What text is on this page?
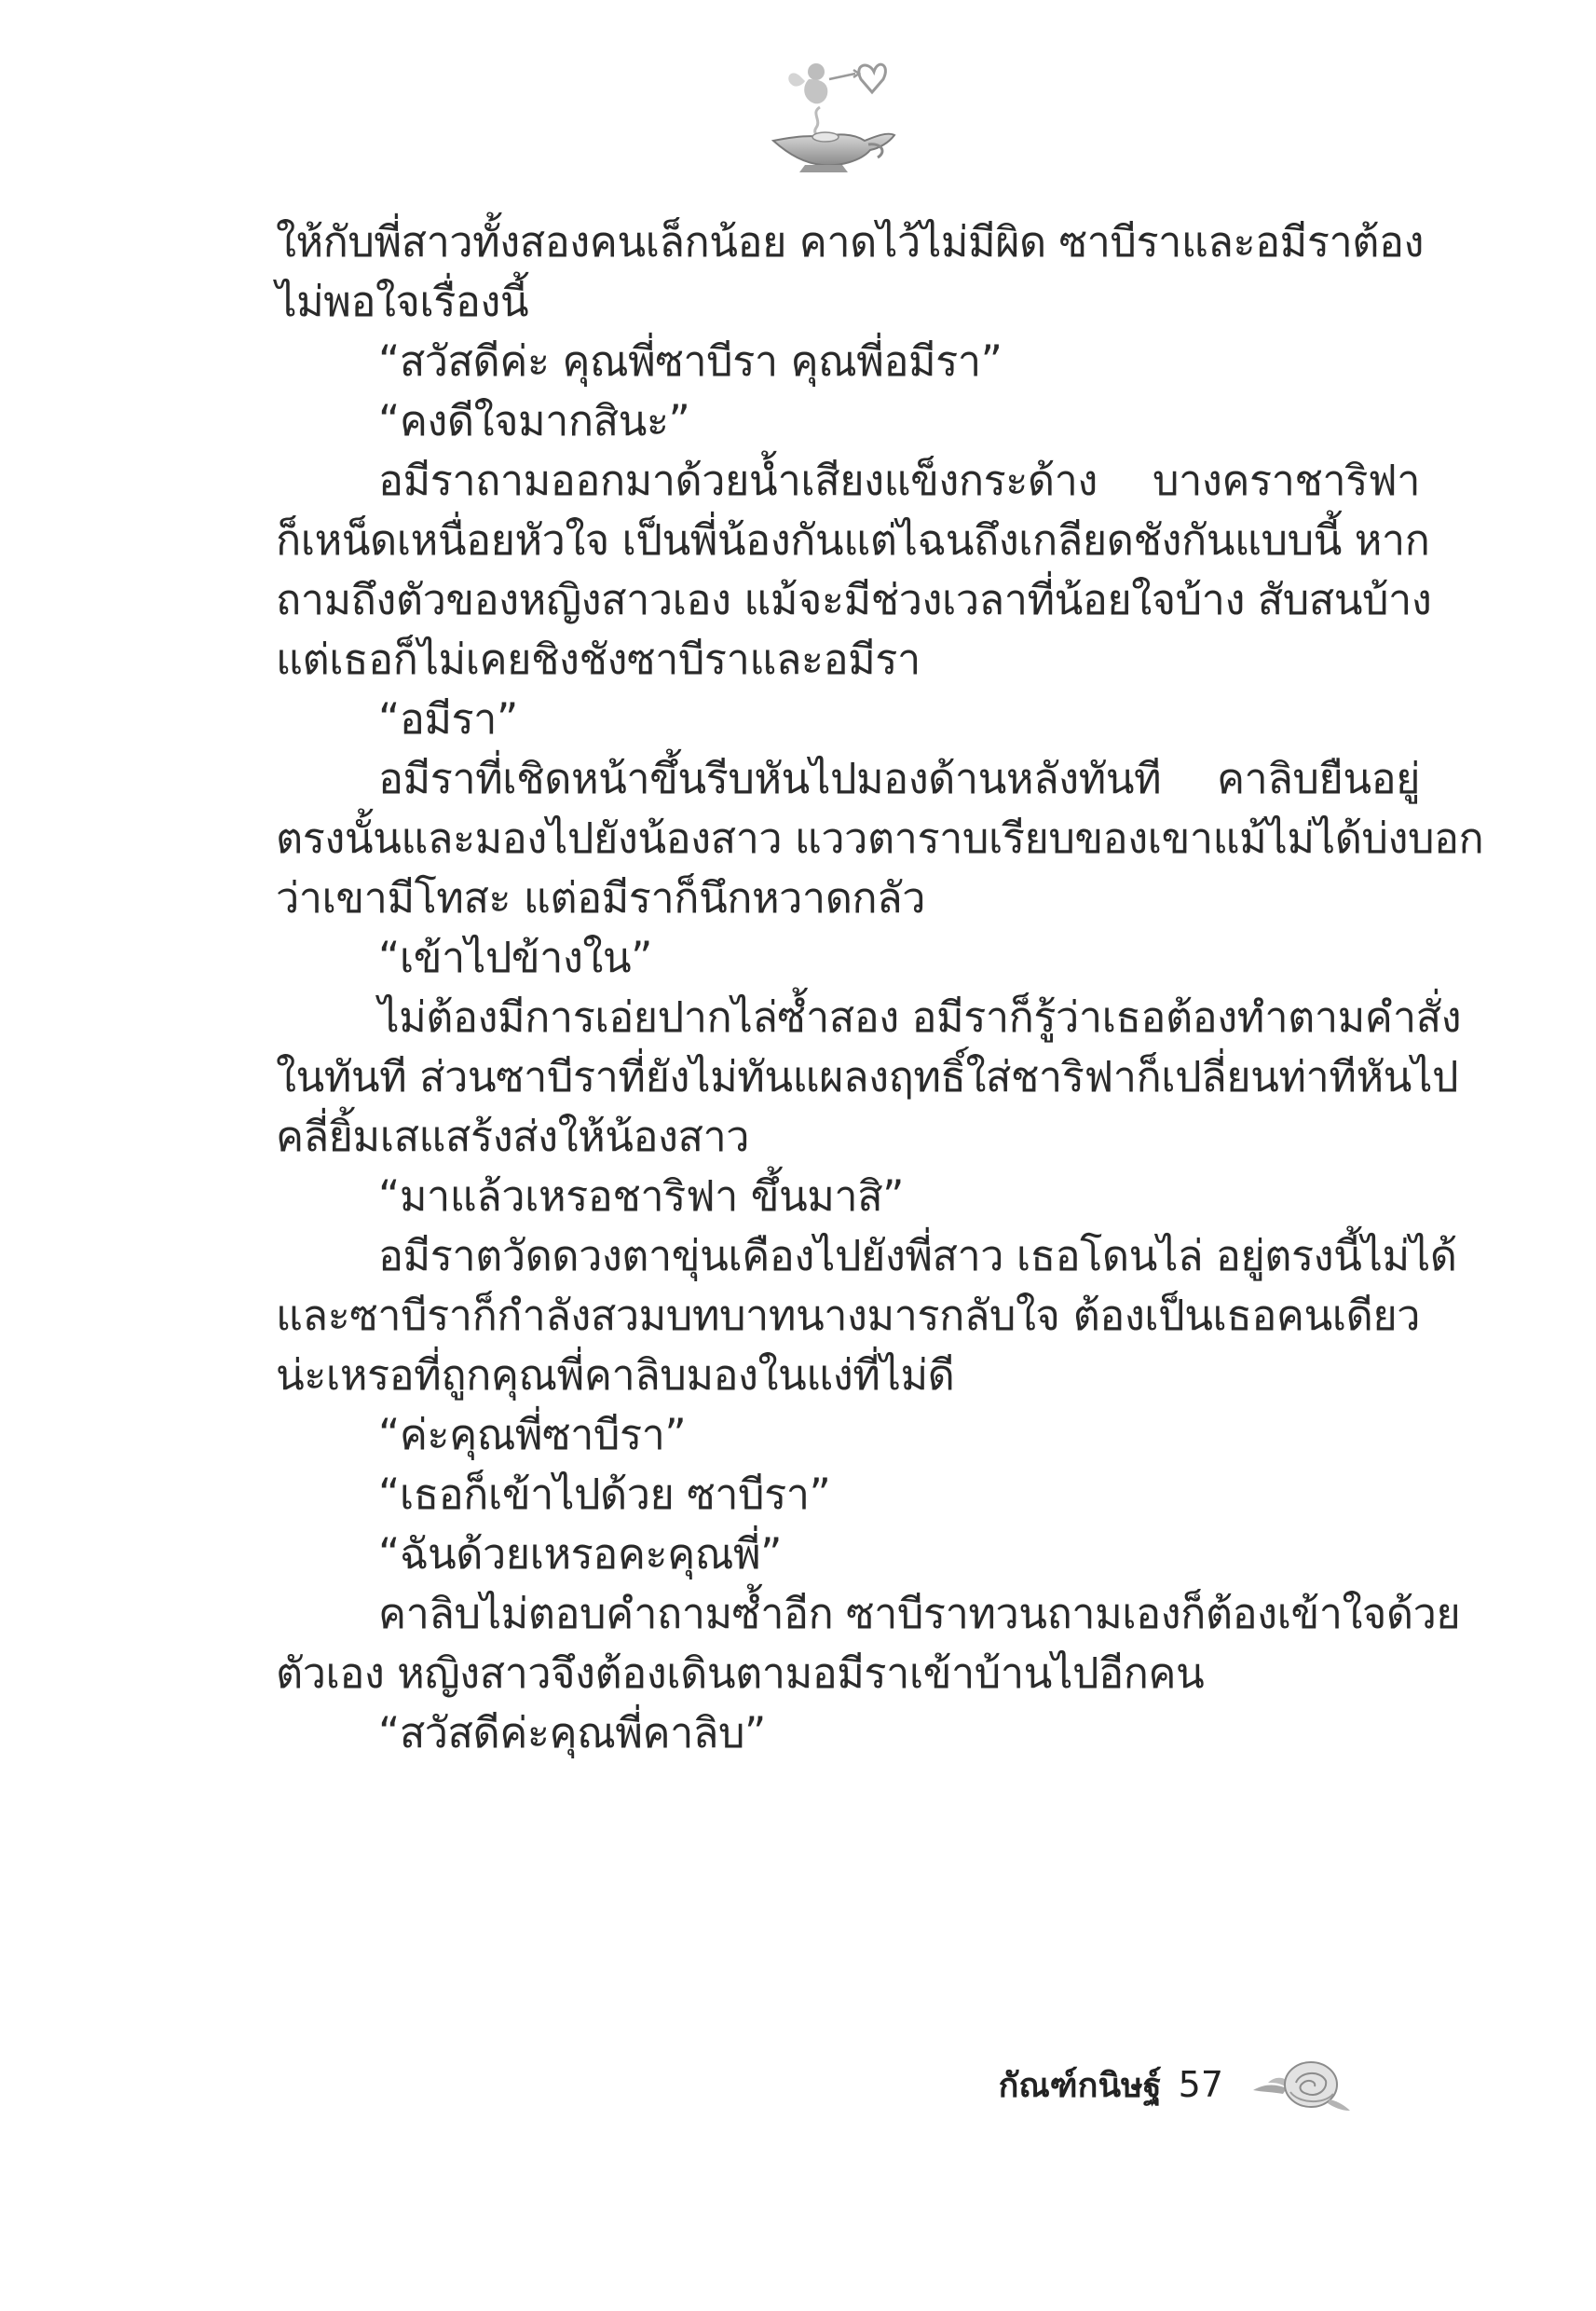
ให้กับพี่สาวทั้งสองคนเล็กน้อย คาดไว้ไม่มีผิด ซาบีราและอมีราต้อง
ไม่พอใจเรื่องนี้
“สวัสดีค่ะ คุณพี่ซาบีรา คุณพี่อมีรา”
“คงดีใจมากสินะ”
อมีราถามออกมาด้วยน้ำเสียงแข็งกระด้าง บางคราชาริฟา
ก็เหน็ดเหนื่อยหัวใจ เป็นพี่น้องกันแต่ไฉนถึงเกลียดชังกันแบบนี้ หาก
ถามถึงตัวของหญิงสาวเอง แม้จะมีช่วงเวลาที่น้อยใจบ้าง สับสนบ้าง
แต่เธอก็ไม่เคยชิงชังซาบีราและอมีรา
“อมีรา”
อมีราที่เชิดหน้าขึ้นรีบหันไปมองด้านหลังทันที คาลิบยืนอยู่
ตรงนั้นและมองไปยังน้องสาว แววตาราบเรียบของเขาแม้ไม่ได้บ่งบอก
ว่าเขามีโทสะ แต่อมีราก็นึกหวาดกลัว
“เข้าไปข้างใน”
ไม่ต้องมีการเอ่ยปากไล่ซ้ำสอง อมีราก็รู้ว่าเธอต้องทำตามคำสั่ง
ในทันที ส่วนซาบีราที่ยังไม่ทันแผลงฤทธิ์ใส่ชาริฟาก็เปลี่ยนท่าทีหันไป
คลี่ยิ้มเสแสร้งส่งให้น้องสาว
“มาแล้วเหรอชาริฟา ขึ้นมาสิ”
อมีราตวัดดวงตาขุ่นเคืองไปยังพี่สาว เธอโดนไล่ อยู่ตรงนี้ไม่ได้
และซาบีราก็กำลังสวมบทบาทนางมารกลับใจ ต้องเป็นเธอคนเดียว
น่ะเหรอที่ถูกคุณพี่คาลิบมองในแง่ที่ไม่ดี
“ค่ะคุณพี่ซาบีรา”
“เธอก็เข้าไปด้วย ซาบีรา”
“ฉันด้วยเหรอคะคุณพี่”
คาลิบไม่ตอบคำถามซ้ำอีก ซาบีราทวนถามเองก็ต้องเข้าใจด้วย
ตัวเอง หญิงสาวจึงต้องเดินตามอมีราเข้าบ้านไปอีกคน
“สวัสดีค่ะคุณพี่คาลิบ”
กัณฑ์กนิษฐ์ 57
